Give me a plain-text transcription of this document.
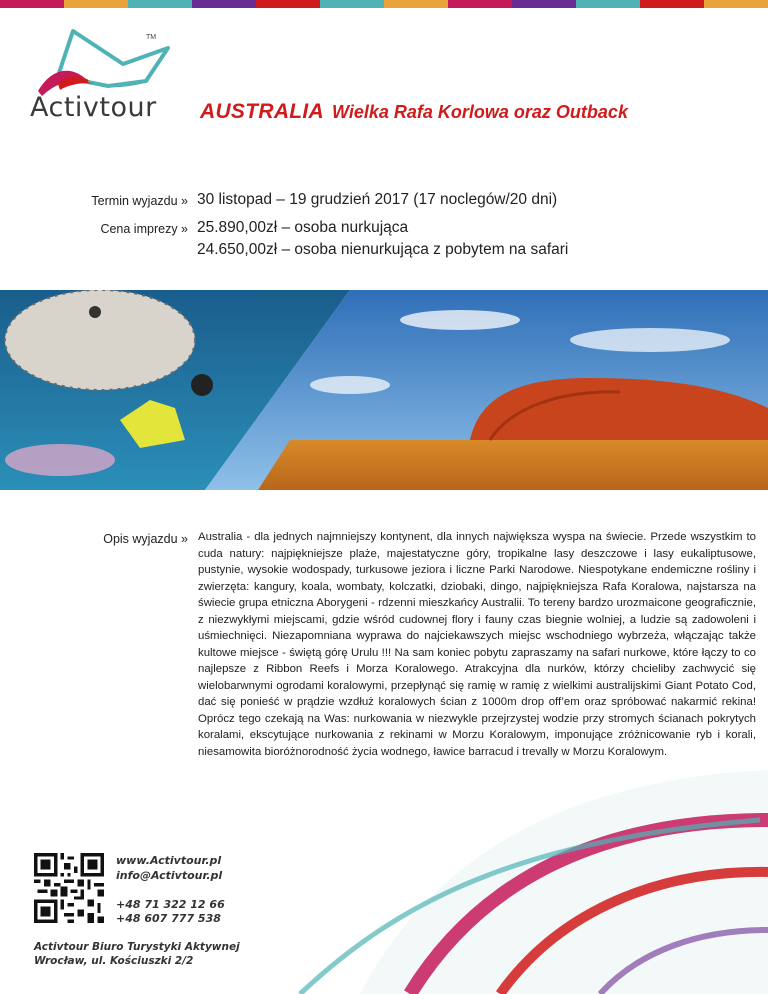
TM
Activtour AUSTRALIA Wielka Rafa Korlowa oraz Outback
Termin wyjazdu » 30 listopad – 19 grudzień 2017 (17 noclegów/20 dni)
Cena imprezy » 25.890,00zł – osoba nurkująca
24.650,00zł – osoba nienurkująca z pobytem na safari
Opis wyjazdu » Australia - dla jednych najmniejszy kontynent, dla innych największa wyspa na świecie. Przede wszystkim to cuda natury: najpiękniejsze plaże, majestatyczne góry, tropikalne lasy deszczowe i lasy eukaliptusowe, pustynie, wysokie wodospady, turkusowe jeziora i liczne Parki Narodowe. Niespotykane endemiczne rośliny i zwierzęta: kangury, koala, wombaty, kolczatki, dziobaki, dingo, najpiękniejsza Rafa Koralowa, najstarsza na świecie grupa etniczna Aborygeni - rdzenni mieszkańcy Australii. To tereny bardzo urozmaicone geograficznie, z niezwykłymi miejscami, gdzie wśród cudownej flory i fauny czas biegnie wolniej, a ludzie są zadowoleni i uśmiechnięci. Niezapomniana wyprawa do najciekawszych miejsc wschodniego wybrzeża, włączając także kultowe miejsce - świętą górę Urulu !!! Na sam koniec pobytu zapraszamy na safari nurkowe, które łączy to co najlepsze z Ribbon Reefs i Morza Koralowego. Atrakcyjna dla nurków, którzy chcieliby zachwycić się wielobarwnymi ogrodami koralowymi, przepłynąć się ramię w ramię z wielkimi australijskimi Giant Potato Cod, dać się ponieść w prądzie wzdłuż koralowych ścian z 1000m drop off’em oraz spróbować nakarmić rekina! Oprócz tego czekają na Was: nurkowania w niezwykle przejrzystej wodzie przy stromych ścianach pokrytych koralami, ekscytujące nurkowania z rekinami w Morzu Koralowym, imponujące zróżnicowanie ryb i korali, niesamowita bioróżnorodność życia wodnego, ławice barracud i trevally w Morzu Koralowym.

www.Activtour.pl
info@Activtour.pl
+48 71 322 12 66
+48 607 777 538
Activtour Biuro Turystyki Aktywnej
Wrocław, ul. Kościuszki 2/2
